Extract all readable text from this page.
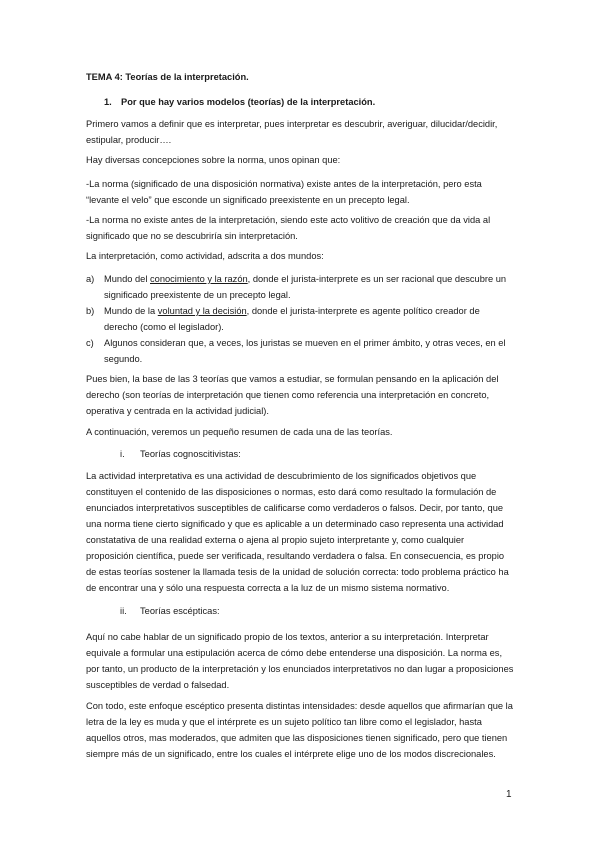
TEMA 4: Teorías de la interpretación.

1. Por que hay varios modelos (teorías) de la interpretación.

Primero vamos a definir que es interpretar, pues interpretar es descubrir, averiguar, dilucidar/decidir, estipular, producir….

Hay diversas concepciones sobre la norma, unos opinan que:

-La norma (significado de una disposición normativa) existe antes de la interpretación, pero esta “levante el velo” que esconde un significado preexistente en un precepto legal.

-La norma no existe antes de la interpretación, siendo este acto volitivo de creación que da vida al significado que no se descubriría sin interpretación.

La interpretación, como actividad, adscrita a dos mundos:

a) Mundo del conocimiento y la razón, donde el jurista-interprete es un ser racional que descubre un significado preexistente de un precepto legal.

b) Mundo de la voluntad y la decisión, donde el jurista-interprete es agente político creador de derecho (como el legislador).

c) Algunos consideran que, a veces, los juristas se mueven en el primer ámbito, y otras veces, en el segundo.

Pues bien, la base de las 3 teorías que vamos a estudiar, se formulan pensando en la aplicación del derecho (son teorías de interpretación que tienen como referencia una interpretación en concreto, operativa y centrada en la actividad judicial).

A continuación, veremos un pequeño resumen de cada una de las teorías.

i. Teorías cognoscitivistas:

La actividad interpretativa es una actividad de descubrimiento de los significados objetivos que constituyen el contenido de las disposiciones o normas, esto dará como resultado la formulación de enunciados interpretativos susceptibles de calificarse como verdaderos o falsos. Decir, por tanto, que una norma tiene cierto significado y que es aplicable a un determinado caso representa una actividad constatativa de una realidad externa o ajena al propio sujeto interpretante y, como cualquier proposición científica, puede ser verificada, resultando verdadera o falsa. En consecuencia, es propio de estas teorías sostener la llamada tesis de la unidad de solución correcta: todo problema práctico ha de encontrar una y sólo una respuesta correcta a la luz de un mismo sistema normativo.

ii. Teorías escépticas:

Aquí no cabe hablar de un significado propio de los textos, anterior a su interpretación. Interpretar equivale a formular una estipulación acerca de cómo debe entenderse una disposición. La norma es, por tanto, un producto de la interpretación y los enunciados interpretativos no dan lugar a proposiciones susceptibles de verdad o falsedad.

Con todo, este enfoque escéptico presenta distintas intensidades: desde aquellos que afirmarían que la letra de la ley es muda y que el intérprete es un sujeto político tan libre como el legislador, hasta aquellos otros, mas moderados, que admiten que las disposiciones tienen significado, pero que tienen siempre más de un significado, entre los cuales el intérprete elige uno de los modos discrecionales.

1
